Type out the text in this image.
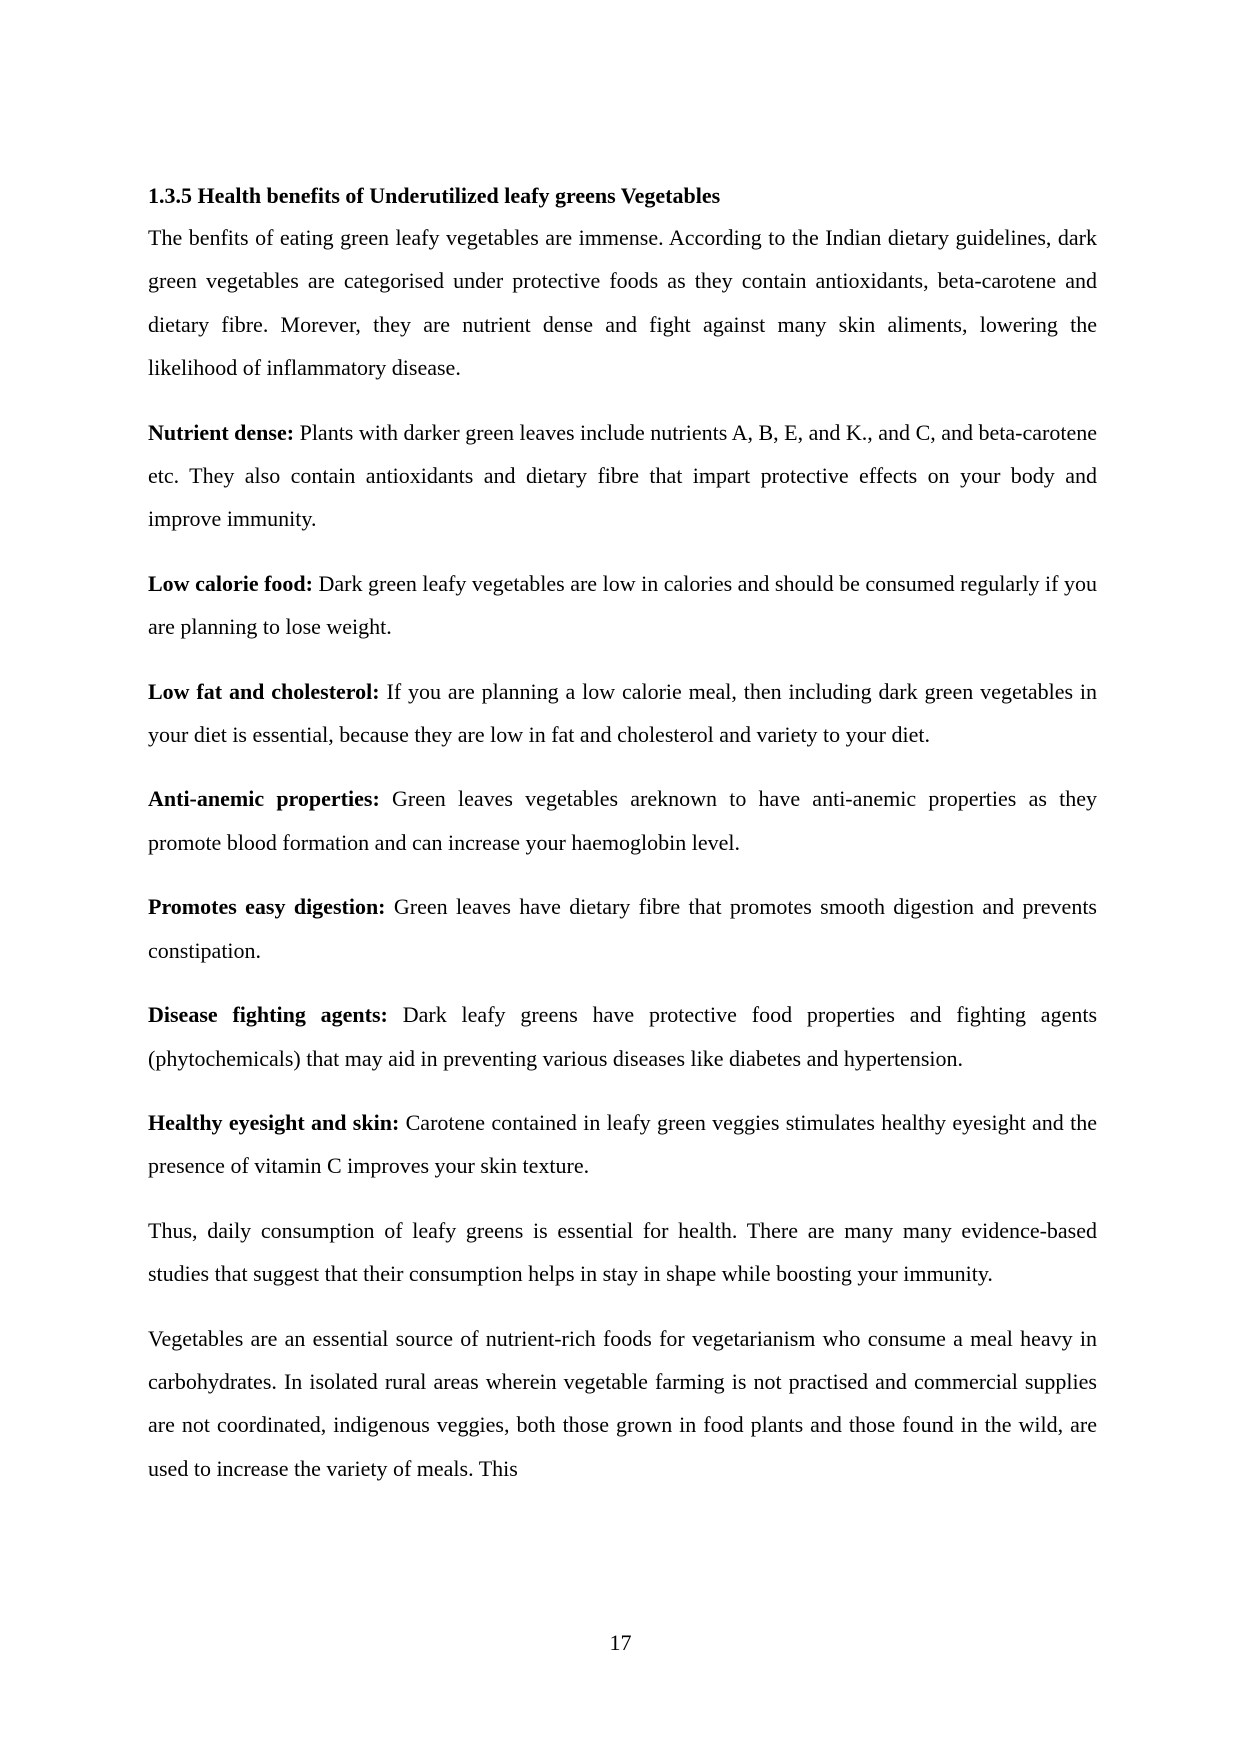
1.3.5 Health benefits of Underutilized leafy greens Vegetables

The benfits of eating green leafy vegetables are immense. According to the Indian dietary guidelines, dark green vegetables are categorised under protective foods as they contain antioxidants, beta-carotene and dietary fibre. Morever, they are nutrient dense and fight against many skin aliments, lowering the likelihood of inflammatory disease.

Nutrient dense: Plants with darker green leaves include nutrients A, B, E, and K., and C, and beta-carotene etc. They also contain antioxidants and dietary fibre that impart protective effects on your body and improve immunity.

Low calorie food: Dark green leafy vegetables are low in calories and should be consumed regularly if you are planning to lose weight.

Low fat and cholesterol: If you are planning a low calorie meal, then including dark green vegetables in your diet is essential, because they are low in fat and cholesterol and variety to your diet.

Anti-anemic properties: Green leaves vegetables areknown to have anti-anemic properties as they promote blood formation and can increase your haemoglobin level.

Promotes easy digestion: Green leaves have dietary fibre that promotes smooth digestion and prevents constipation.

Disease fighting agents: Dark leafy greens have protective food properties and fighting agents (phytochemicals) that may aid in preventing various diseases like diabetes and hypertension.

Healthy eyesight and skin: Carotene contained in leafy green veggies stimulates healthy eyesight and the presence of vitamin C improves your skin texture.

Thus, daily consumption of leafy greens is essential for health. There are many many evidence-based studies that suggest that their consumption helps in stay in shape while boosting your immunity.

Vegetables are an essential source of nutrient-rich foods for vegetarianism who consume a meal heavy in carbohydrates. In isolated rural areas wherein vegetable farming is not practised and commercial supplies are not coordinated, indigenous veggies, both those grown in food plants and those found in the wild, are used to increase the variety of meals. This

17
